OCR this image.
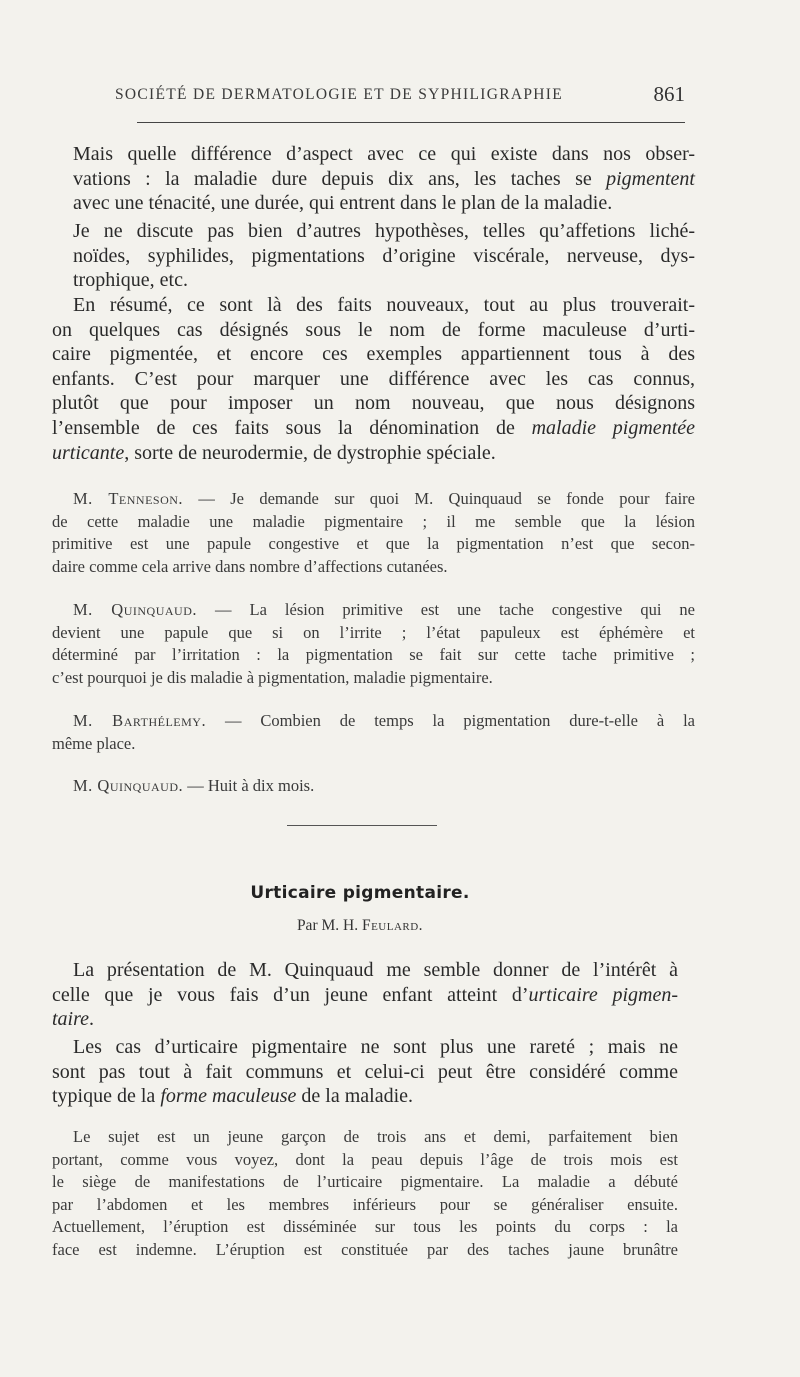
SOCIÉTÉ DE DERMATOLOGIE ET DE SYPHILIGRAPHIE	861
Mais quelle différence d’aspect avec ce qui existe dans nos obser-
vations : la maladie dure depuis dix ans, les taches se pigmentent
avec une ténacité, une durée, qui entrent dans le plan de la maladie.
Je ne discute pas bien d’autres hypothèses, telles qu’affetions liché-
noïdes, syphilides, pigmentations d’origine viscérale, nerveuse, dys-
trophique, etc.
En résumé, ce sont là des faits nouveaux, tout au plus trouverait-
on quelques cas désignés sous le nom de forme maculeuse d’urti-
caire pigmentée, et encore ces exemples appartiennent tous à des
enfants. C’est pour marquer une différence avec les cas connus,
plutôt que pour imposer un nom nouveau, que nous désignons
l’ensemble de ces faits sous la dénomination de maladie pigmentée
urticante, sorte de neurodermie, de dystrophie spéciale.
M. Tenneson. — Je demande sur quoi M. Quinquaud se fonde pour faire
de cette maladie une maladie pigmentaire ; il me semble que la lésion
primitive est une papule congestive et que la pigmentation n’est que secon-
daire comme cela arrive dans nombre d’affections cutanées.
M. Quinquaud. — La lésion primitive est une tache congestive qui ne
devient une papule que si on l’irrite ; l’état papuleux est éphémère et
déterminé par l’irritation : la pigmentation se fait sur cette tache primitive ;
c’est pourquoi je dis maladie à pigmentation, maladie pigmentaire.
M. Barthélemy. — Combien de temps la pigmentation dure-t-elle à la
même place.
M. Quinquaud. — Huit à dix mois.
Urticaire pigmentaire.
Par M. H. Feulard.
La présentation de M. Quinquaud me semble donner de l’intérêt à
celle que je vous fais d’un jeune enfant atteint d’urticaire pigmen-
taire.
Les cas d’urticaire pigmentaire ne sont plus une rareté ; mais ne
sont pas tout à fait communs et celui-ci peut être considéré comme
typique de la forme maculeuse de la maladie.
Le sujet est un jeune garçon de trois ans et demi, parfaitement bien
portant, comme vous voyez, dont la peau depuis l’âge de trois mois est
le siège de manifestations de l’urticaire pigmentaire. La maladie a débuté
par l’abdomen et les membres inférieurs pour se généraliser ensuite.
Actuellement, l’éruption est disséminée sur tous les points du corps : la
face est indemne. L’éruption est constituée par des taches jaune brunâtre
